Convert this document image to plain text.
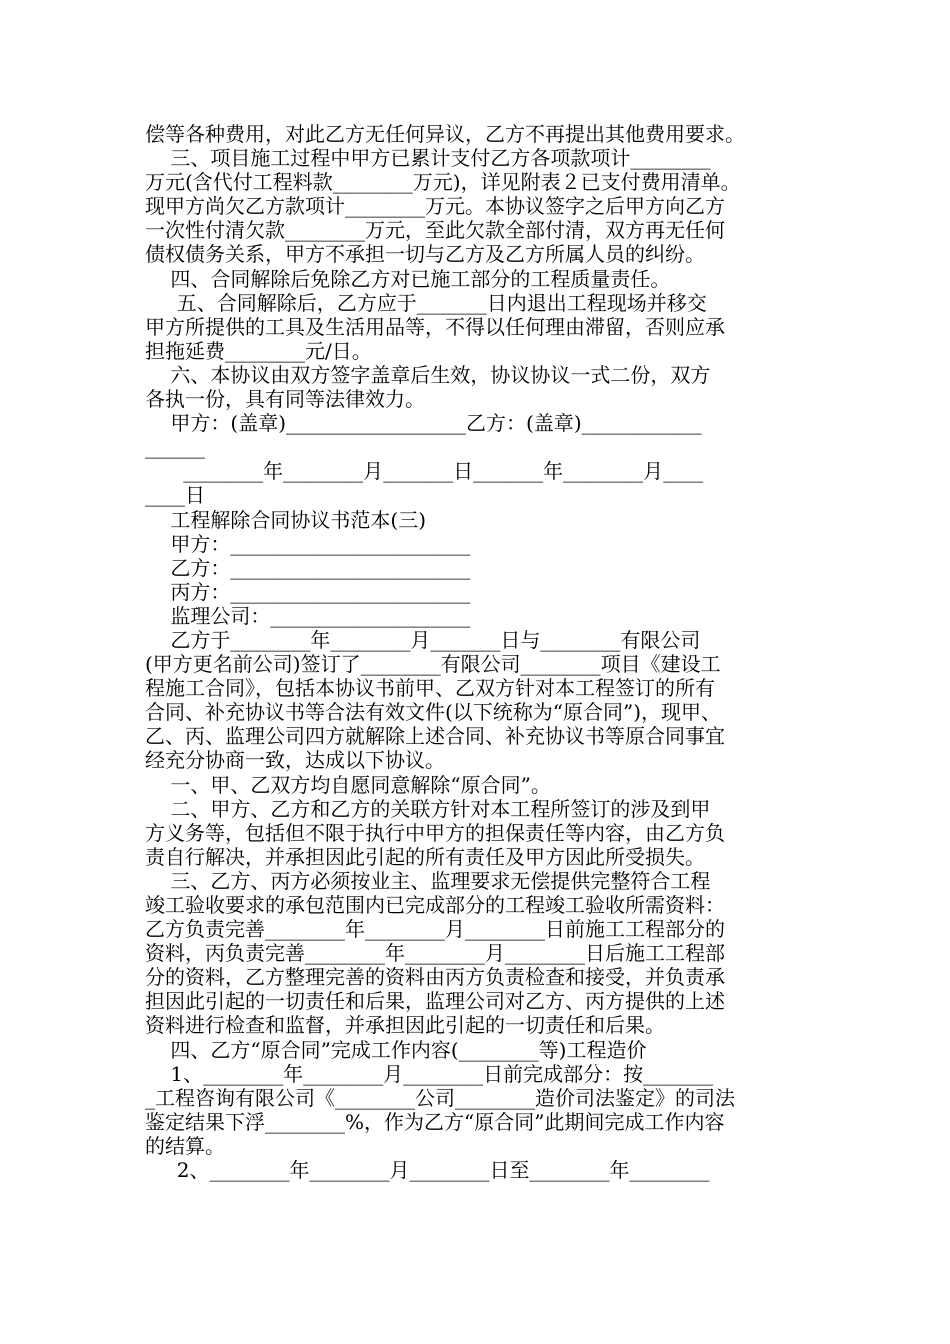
偿等各种费用，对此乙方无任何异议，乙方不再提出其他费用要求。
三、项目施工过程中甲方已累计支付乙方各项款项计________
万元(含代付工程料款________万元)，详见附表２已支付费用清单。
现甲方尚欠乙方款项计________万元。本协议签字之后甲方向乙方
一次性付清欠款________万元，至此欠款全部付清，双方再无任何
债权债务关系，甲方不承担一切与乙方及乙方所属人员的纠纷。
四、合同解除后免除乙方对已施工部分的工程质量责任。
五、合同解除后，乙方应于_______日内退出工程现场并移交
甲方所提供的工具及生活用品等，不得以任何理由滞留，否则应承
担拖延费________元/日。
六、本协议由双方签字盖章后生效，协议协议一式二份，双方
各执一份，具有同等法律效力。
甲方：(盖章)__________________乙方：(盖章)____________
______
________年________月_______日_______年________月____
____日
工程解除合同协议书范本(三)
甲方：________________________
乙方：________________________
丙方：________________________
监理公司：____________________
乙方于________年________月_______日与________有限公司
(甲方更名前公司)签订了________有限公司________项目《建设工
程施工合同》，包括本协议书前甲、乙双方针对本工程签订的所有
合同、补充协议书等合法有效文件(以下统称为“原合同”)，现甲、
乙、丙、监理公司四方就解除上述合同、补充协议书等原合同事宜
经充分协商一致，达成以下协议。
一、甲、乙双方均自愿同意解除“原合同”。
二、甲方、乙方和乙方的关联方针对本工程所签订的涉及到甲
方义务等，包括但不限于执行中甲方的担保责任等内容，由乙方负
责自行解决，并承担因此引起的所有责任及甲方因此所受损失。
三、乙方、丙方必须按业主、监理要求无偿提供完整符合工程
竣工验收要求的承包范围内已完成部分的工程竣工验收所需资料：
乙方负责完善________年________月________日前施工工程部分的
资料，丙负责完善________年________月________日后施工工程部
分的资料，乙方整理完善的资料由丙方负责检查和接受，并负责承
担因此引起的一切责任和后果，监理公司对乙方、丙方提供的上述
资料进行检查和监督，并承担因此引起的一切责任和后果。
四、乙方“原合同”完成工作内容(________等)工程造价
1、________年________月________日前完成部分：按_______
_工程咨询有限公司《________公司________造价司法鉴定》的司法
鉴定结果下浮________%，作为乙方“原合同”此期间完成工作内容
的结算。
2、________年________月________日至________年________
